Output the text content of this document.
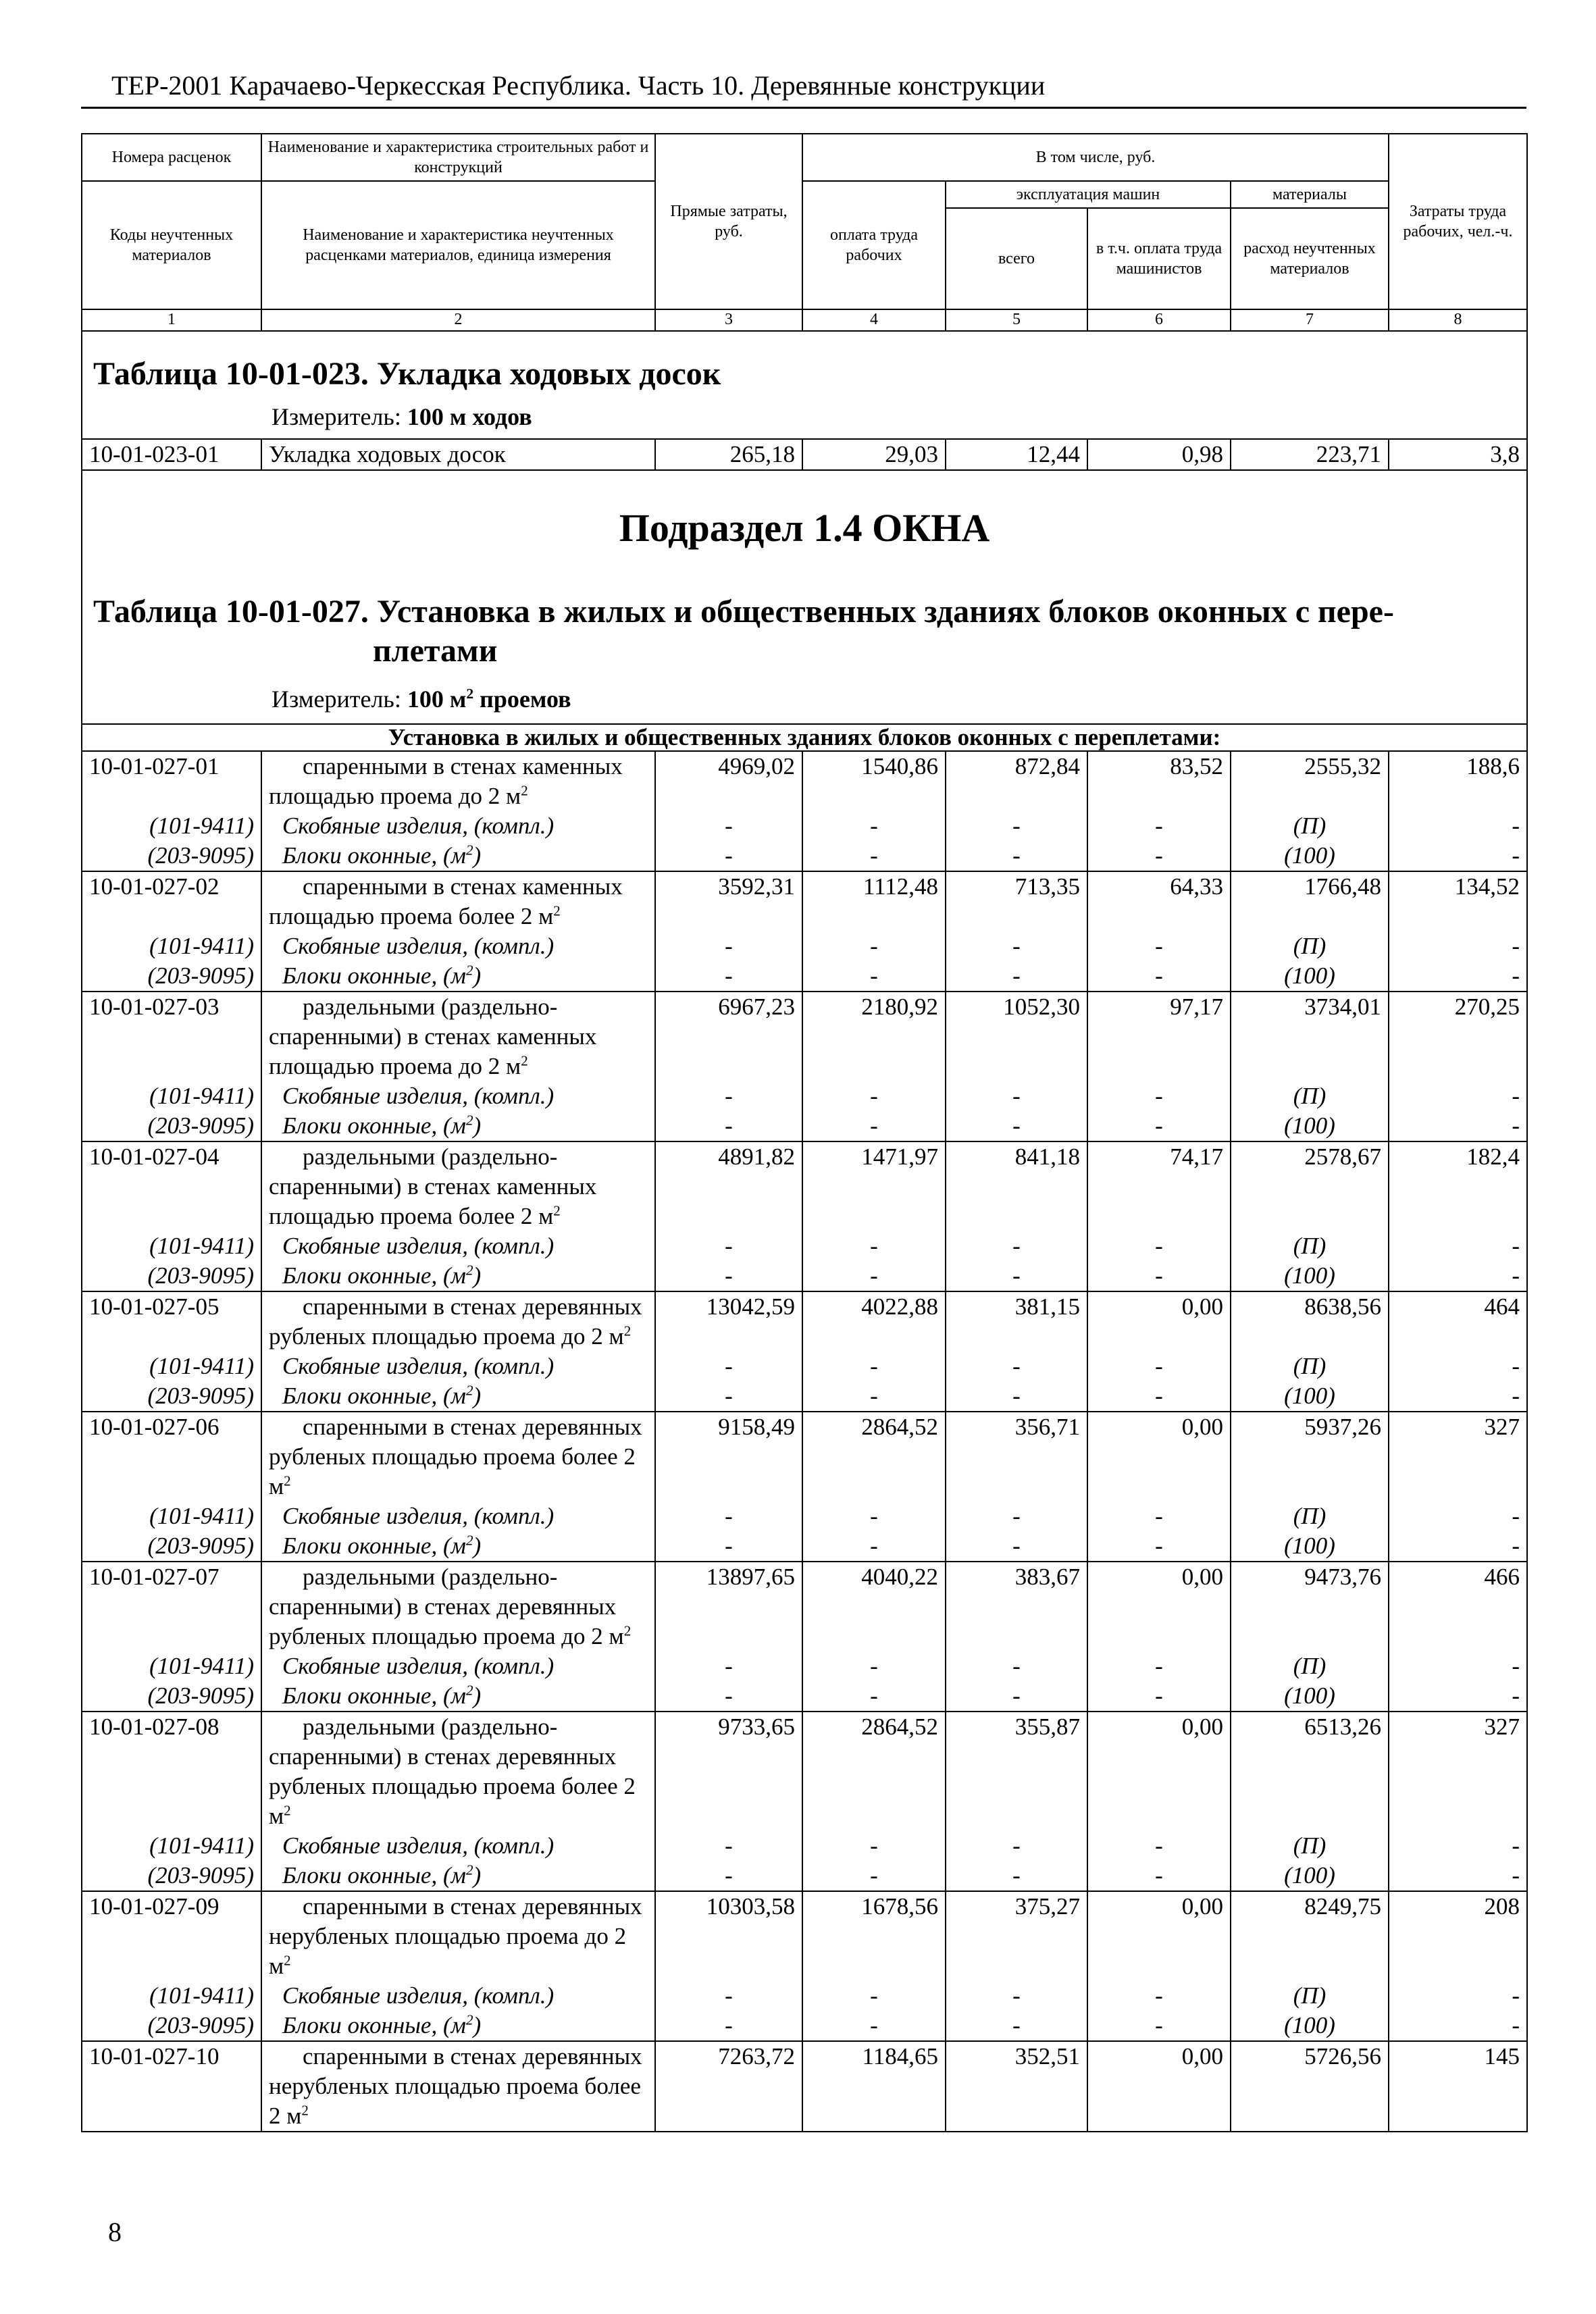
ТЕР-2001 Карачаево-Черкесская Республика. Часть 10. Деревянные конструкции
Номера расценок	Наименование и характеристика строительных работ и конструкций	Прямые затраты, руб.	В том числе, руб.				Затраты труда рабочих, чел.-ч.
Коды неучтенных материалов	Наименование и характеристика неучтенных расценками материалов, единица измерения		оплата труда рабочих	эксплуатация машин		материалы	
				всего	в т.ч. оплата труда машинистов	расход неучтенных материалов	
1	2	3	4	5	6	7	8

Таблица 10-01-023. Укладка ходовых досок
Измеритель: 100 м ходов							

10-01-023-01	Укладка ходовых досок	265,18	29,03	12,44	0,98	223,71	3,8

Подраздел 1.4 ОКНА
Таблица 10-01-027. Установка в жилых и общественных зданиях блоков оконных с пере-
плетами
Измеритель: 100 $м^2$ проемов							

Установка в жилых и общественных зданиях блоков оконных с переплетами:							
10-01-027-01	спаренными в стенах каменных площадью проема до 2 $м^2$	4969,02	1540,86	872,84	83,52	2555,32	188,6
(101-9411)	Скобяные изделия, (компл.)	-	-	-	-	(П)	-
(203-9095)	Блоки оконные, $(м^2)$	-	-	-	-	(100)	-
10-01-027-02	спаренными в стенах каменных площадью проема более 2 $м^2$	3592,31	1112,48	713,35	64,33	1766,48	134,52
(101-9411)	Скобяные изделия, (компл.)	-	-	-	-	(П)	-
(203-9095)	Блоки оконные, $(м^2)$	-	-	-	-	(100)	-
10-01-027-03	раздельными (раздельно-спаренными) в стенах каменных площадью проема до 2 $м^2$	6967,23	2180,92	1052,30	97,17	3734,01	270,25
(101-9411)	Скобяные изделия, (компл.)	-	-	-	-	(П)	-
(203-9095)	Блоки оконные, $(м^2)$	-	-	-	-	(100)	-
10-01-027-04	раздельными (раздельно-спаренными) в стенах каменных площадью проема более 2 $м^2$	4891,82	1471,97	841,18	74,17	2578,67	182,4
(101-9411)	Скобяные изделия, (компл.)	-	-	-	-	(П)	-
(203-9095)	Блоки оконные, $(м^2)$	-	-	-	-	(100)	-
10-01-027-05	спаренными в стенах деревянных рубленых площадью проема до 2 $м^2$	13042,59	4022,88	381,15	0,00	8638,56	464
(101-9411)	Скобяные изделия, (компл.)	-	-	-	-	(П)	-
(203-9095)	Блоки оконные, $(м^2)$	-	-	-	-	(100)	-
10-01-027-06	спаренными в стенах деревянных рубленых площадью проема более 2 $м^2$	9158,49	2864,52	356,71	0,00	5937,26	327
(101-9411)	Скобяные изделия, (компл.)	-	-	-	-	(П)	-
(203-9095)	Блоки оконные, $(м^2)$	-	-	-	-	(100)	-
10-01-027-07	раздельными (раздельно-спаренными) в стенах деревянных рубленых площадью проема до 2 $м^2$	13897,65	4040,22	383,67	0,00	9473,76	466
(101-9411)	Скобяные изделия, (компл.)	-	-	-	-	(П)	-
(203-9095)	Блоки оконные, $(м^2)$	-	-	-	-	(100)	-
10-01-027-08	раздельными (раздельно-спаренными) в стенах деревянных рубленых площадью проема более 2 $м^2$	9733,65	2864,52	355,87	0,00	6513,26	327
(101-9411)	Скобяные изделия, (компл.)	-	-	-	-	(П)	-
(203-9095)	Блоки оконные, $(м^2)$	-	-	-	-	(100)	-
10-01-027-09	спаренными в стенах деревянных нерубленых площадью проема до 2 $м^2$	10303,58	1678,56	375,27	0,00	8249,75	208
(101-9411)	Скобяные изделия, (компл.)	-	-	-	-	(П)	-
(203-9095)	Блоки оконные, $(м^2)$	-	-	-	-	(100)	-
10-01-027-10	спаренными в стенах деревянных нерубленых площадью проема более 2 $м^2$	7263,72	1184,65	352,51	0,00	5726,56	145
8
